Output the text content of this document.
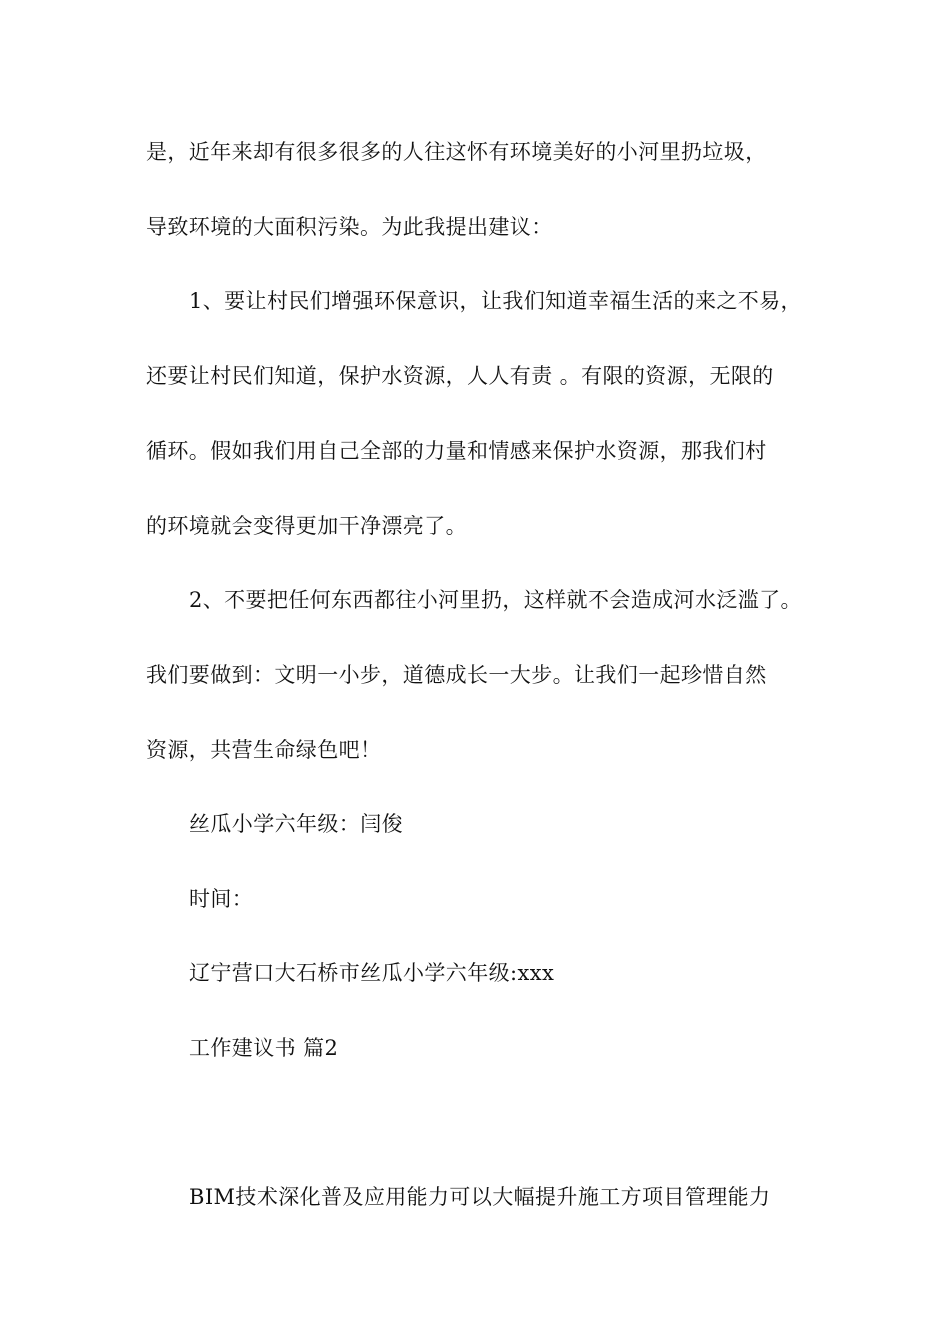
是，近年来却有很多很多的人往这怀有环境美好的小河里扔垃圾，
导致环境的大面积污染。为此我提出建议：
1、要让村民们增强环保意识，让我们知道幸福生活的来之不易，
还要让村民们知道，保护水资源，人人有责 。有限的资源，无限的
循环。假如我们用自己全部的力量和情感来保护水资源，那我们村
的环境就会变得更加干净漂亮了。
2、不要把任何东西都往小河里扔，这样就不会造成河水泛滥了。
我们要做到：文明一小步，道德成长一大步。让我们一起珍惜自然
资源，共营生命绿色吧！
丝瓜小学六年级：闫俊
时间：
辽宁营口大石桥市丝瓜小学六年级:xxx
工作建议书 篇2
BIM技术深化普及应用能力可以大幅提升施工方项目管理能力
